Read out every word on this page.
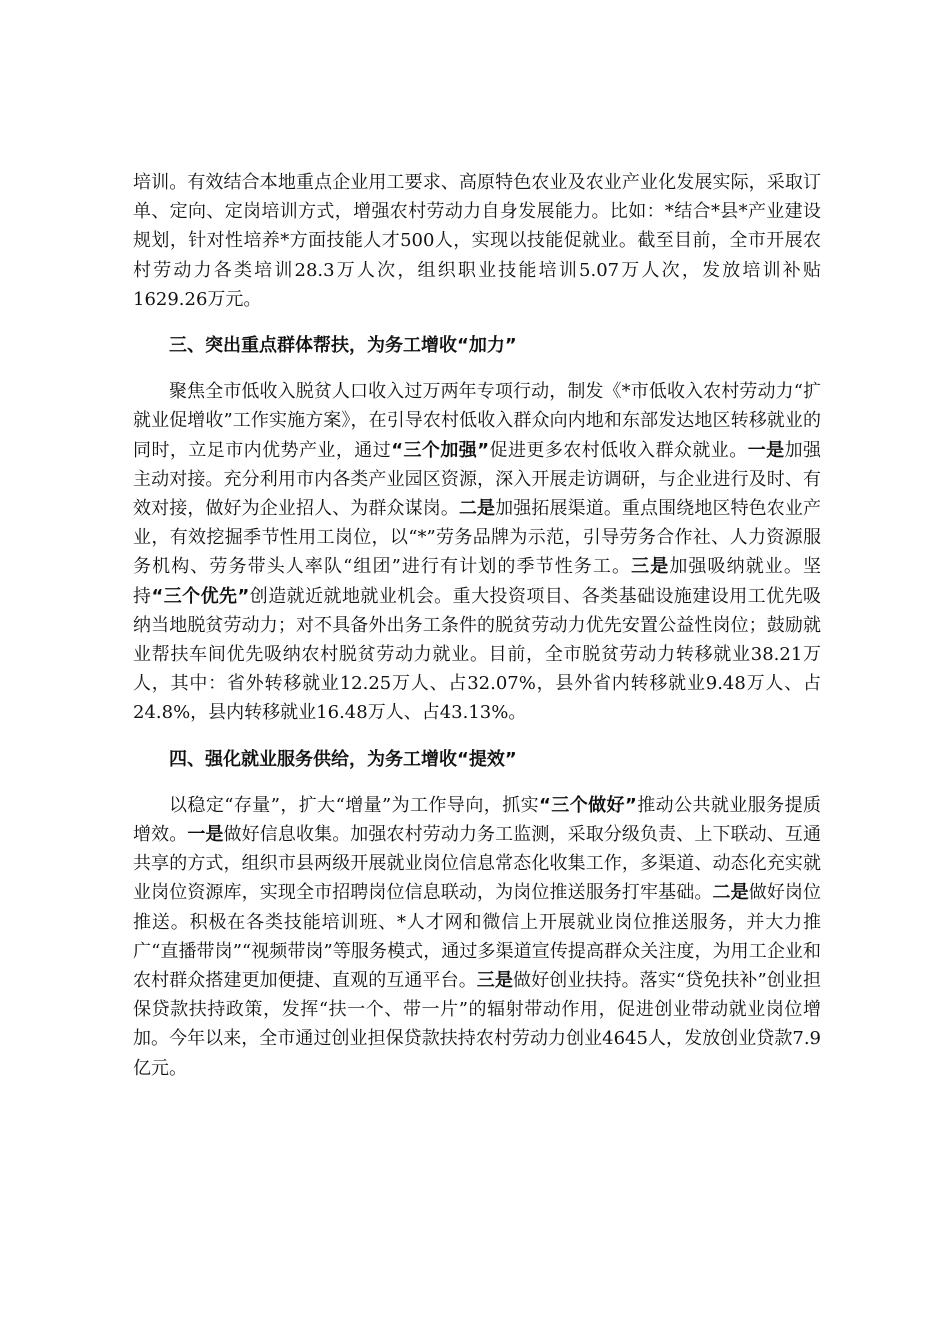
培训。有效结合本地重点企业用工要求、高原特色农业及农业产业化发展实际，采取订单、定向、定岗培训方式，增强农村劳动力自身发展能力。比如：*结合*县*产业建设规划，针对性培养*方面技能人才500人，实现以技能促就业。截至目前，全市开展农村劳动力各类培训28.3万人次，组织职业技能培训5.07万人次，发放培训补贴1629.26万元。

三、突出重点群体帮扶，为务工增收“加力”

聚焦全市低收入脱贫人口收入过万两年专项行动，制发《*市低收入农村劳动力“扩就业促增收”工作实施方案》，在引导农村低收入群众向内地和东部发达地区转移就业的同时，立足市内优势产业，通过“三个加强”促进更多农村低收入群众就业。一是加强主动对接。充分利用市内各类产业园区资源，深入开展走访调研，与企业进行及时、有效对接，做好为企业招人、为群众谋岗。二是加强拓展渠道。重点围绕地区特色农业产业，有效挖掘季节性用工岗位，以“*”劳务品牌为示范，引导劳务合作社、人力资源服务机构、劳务带头人率队“组团”进行有计划的季节性务工。三是加强吸纳就业。坚持“三个优先”创造就近就地就业机会。重大投资项目、各类基础设施建设用工优先吸纳当地脱贫劳动力；对不具备外出务工条件的脱贫劳动力优先安置公益性岗位；鼓励就业帮扶车间优先吸纳农村脱贫劳动力就业。目前，全市脱贫劳动力转移就业38.21万人，其中：省外转移就业12.25万人、占32.07%，县外省内转移就业9.48万人、占24.8%，县内转移就业16.48万人、占43.13%。

四、强化就业服务供给，为务工增收“提效”

以稳定“存量”，扩大“增量”为工作导向，抓实“三个做好”推动公共就业服务提质增效。一是做好信息收集。加强农村劳动力务工监测，采取分级负责、上下联动、互通共享的方式，组织市县两级开展就业岗位信息常态化收集工作，多渠道、动态化充实就业岗位资源库，实现全市招聘岗位信息联动，为岗位推送服务打牢基础。二是做好岗位推送。积极在各类技能培训班、*人才网和微信上开展就业岗位推送服务，并大力推广“直播带岗”“视频带岗”等服务模式，通过多渠道宣传提高群众关注度，为用工企业和农村群众搭建更加便捷、直观的互通平台。三是做好创业扶持。落实“贷免扶补”创业担保贷款扶持政策，发挥“扶一个、带一片”的辐射带动作用，促进创业带动就业岗位增加。今年以来，全市通过创业担保贷款扶持农村劳动力创业4645人，发放创业贷款7.9亿元。
